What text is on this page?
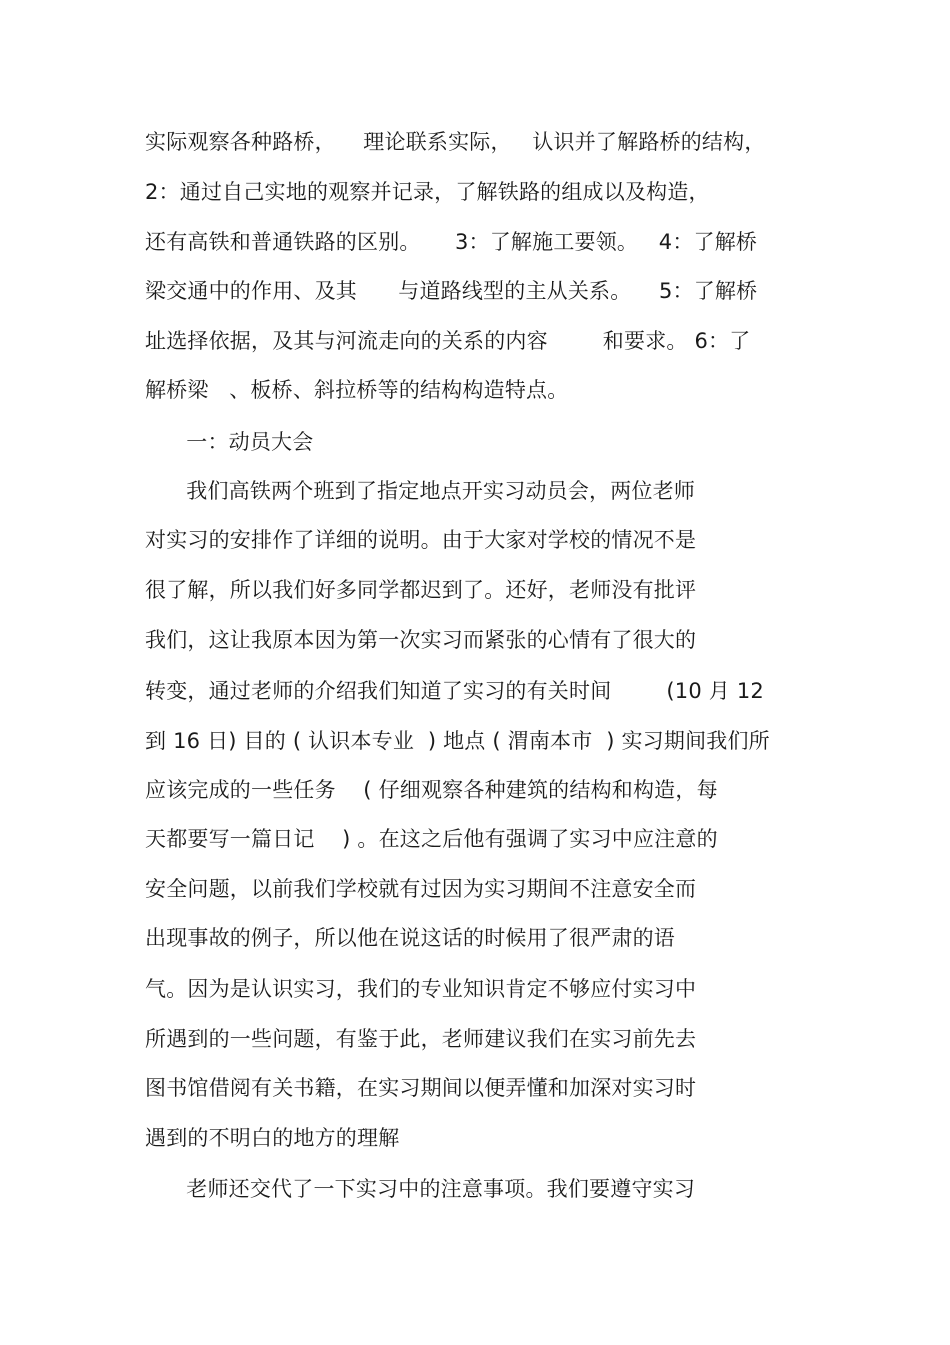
实际观察各种路桥，    理论联系实际，   认识并了解路桥的结构，
2：通过自己实地的观察并记录，了解铁路的组成以及构造，
还有高铁和普通铁路的区别。     3：了解施工要领。   4：了解桥
梁交通中的作用、及其      与道路线型的主从关系。    5：了解桥
址选择依据，及其与河流走向的关系的内容        和要求。 6：了
解桥梁   、板桥、斜拉桥等的结构构造特点。
一：动员大会
我们高铁两个班到了指定地点开实习动员会，两位老师
对实习的安排作了详细的说明。由于大家对学校的情况不是
很了解，所以我们好多同学都迟到了。还好，老师没有批评
我们，这让我原本因为第一次实习而紧张的心情有了很大的
转变，通过老师的介绍我们知道了实习的有关时间        (10 月 12
到 16 日) 目的 ( 认识本专业  ) 地点 ( 渭南本市  ) 实习期间我们所
应该完成的一些任务    ( 仔细观察各种建筑的结构和构造，每
天都要写一篇日记    ) 。在这之后他有强调了实习中应注意的
安全问题，以前我们学校就有过因为实习期间不注意安全而
出现事故的例子，所以他在说这话的时候用了很严肃的语
气。因为是认识实习，我们的专业知识肯定不够应付实习中
所遇到的一些问题，有鉴于此，老师建议我们在实习前先去
图书馆借阅有关书籍，在实习期间以便弄懂和加深对实习时
遇到的不明白的地方的理解
老师还交代了一下实习中的注意事项。我们要遵守实习
